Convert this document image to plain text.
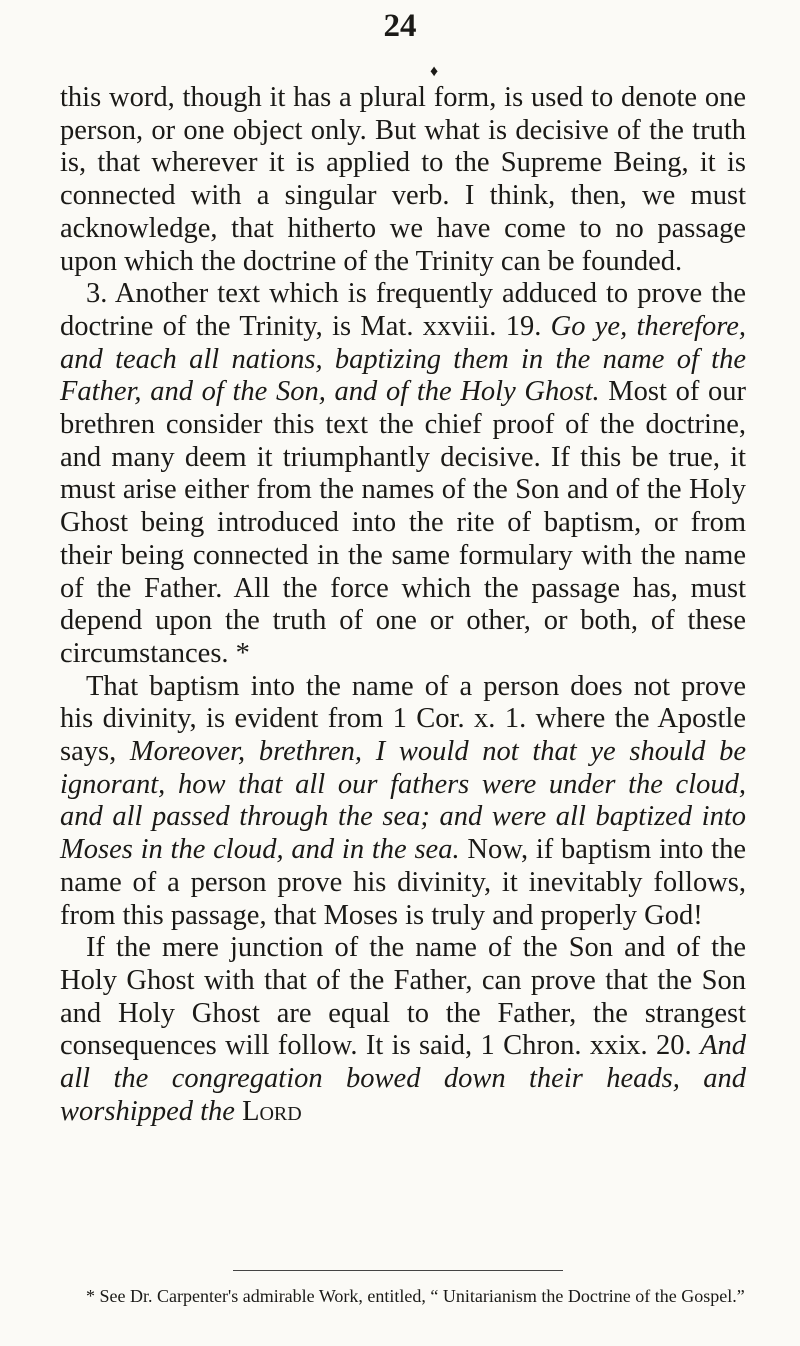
24
♦

this word, though it has a plural form, is used to denote one person, or one object only. But what is decisive of the truth is, that wherever it is applied to the Supreme Being, it is connected with a singular verb. I think, then, we must acknowledge, that hitherto we have come to no passage upon which the doctrine of the Trinity can be founded.

3. Another text which is frequently adduced to prove the doctrine of the Trinity, is Mat. xxviii. 19. Go ye, therefore, and teach all nations, baptizing them in the name of the Father, and of the Son, and of the Holy Ghost. Most of our brethren consider this text the chief proof of the doctrine, and many deem it triumphantly decisive. If this be true, it must arise either from the names of the Son and of the Holy Ghost being introduced into the rite of baptism, or from their being connected in the same formulary with the name of the Father. All the force which the passage has, must depend upon the truth of one or other, or both, of these circumstances. *

That baptism into the name of a person does not prove his divinity, is evident from 1 Cor. x. 1. where the Apostle says, Moreover, brethren, I would not that ye should be ignorant, how that all our fathers were under the cloud, and all passed through the sea; and were all baptized into Moses in the cloud, and in the sea. Now, if baptism into the name of a person prove his divinity, it inevitably follows, from this passage, that Moses is truly and properly God!

If the mere junction of the name of the Son and of the Holy Ghost with that of the Father, can prove that the Son and Holy Ghost are equal to the Father, the strangest consequences will follow. It is said, 1 Chron. xxix. 20. And all the congregation bowed down their heads, and worshipped the Lord

* See Dr. Carpenter's admirable Work, entitled, “ Unitarianism the Doctrine of the Gospel.”
